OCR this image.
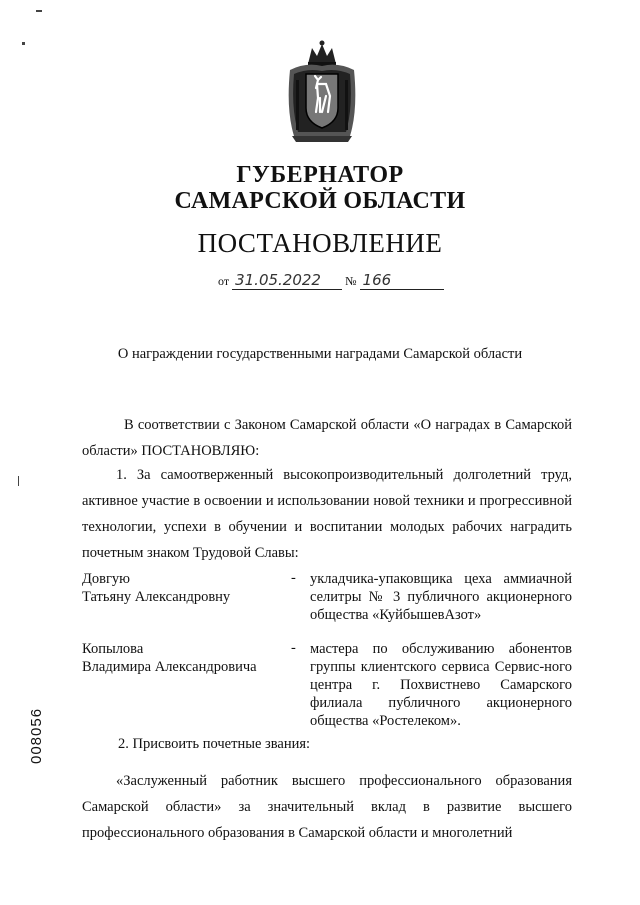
ГУБЕРНАТОР
САМАРСКОЙ ОБЛАСТИ
ПОСТАНОВЛЕНИЕ
от 31.05.2022 № 166
О награждении государственными наградами Самарской области
В соответствии с Законом Самарской области «О наградах в Самарской области» ПОСТАНОВЛЯЮ:
1. За самоотверженный высокопроизводительный долголетний труд, активное участие в освоении и использовании новой техники и прогрессивной технологии, успехи в обучении и воспитании молодых рабочих наградить почетным знаком Трудовой Славы:
Довгую
Татьяну Александровну
- укладчика-упаковщика цеха аммиачной селитры № 3 публичного акционерного общества «КуйбышевАзот»
Копылова
Владимира Александровича
- мастера по обслуживанию абонентов группы клиентского сервиса Сервис-ного центра г. Похвистнево Самарского филиала публичного акционерного общества «Ростелеком».
2. Присвоить почетные звания:
«Заслуженный работник высшего профессионального образования Самарской области» за значительный вклад в развитие высшего профессионального образования в Самарской области и многолетний
008056
